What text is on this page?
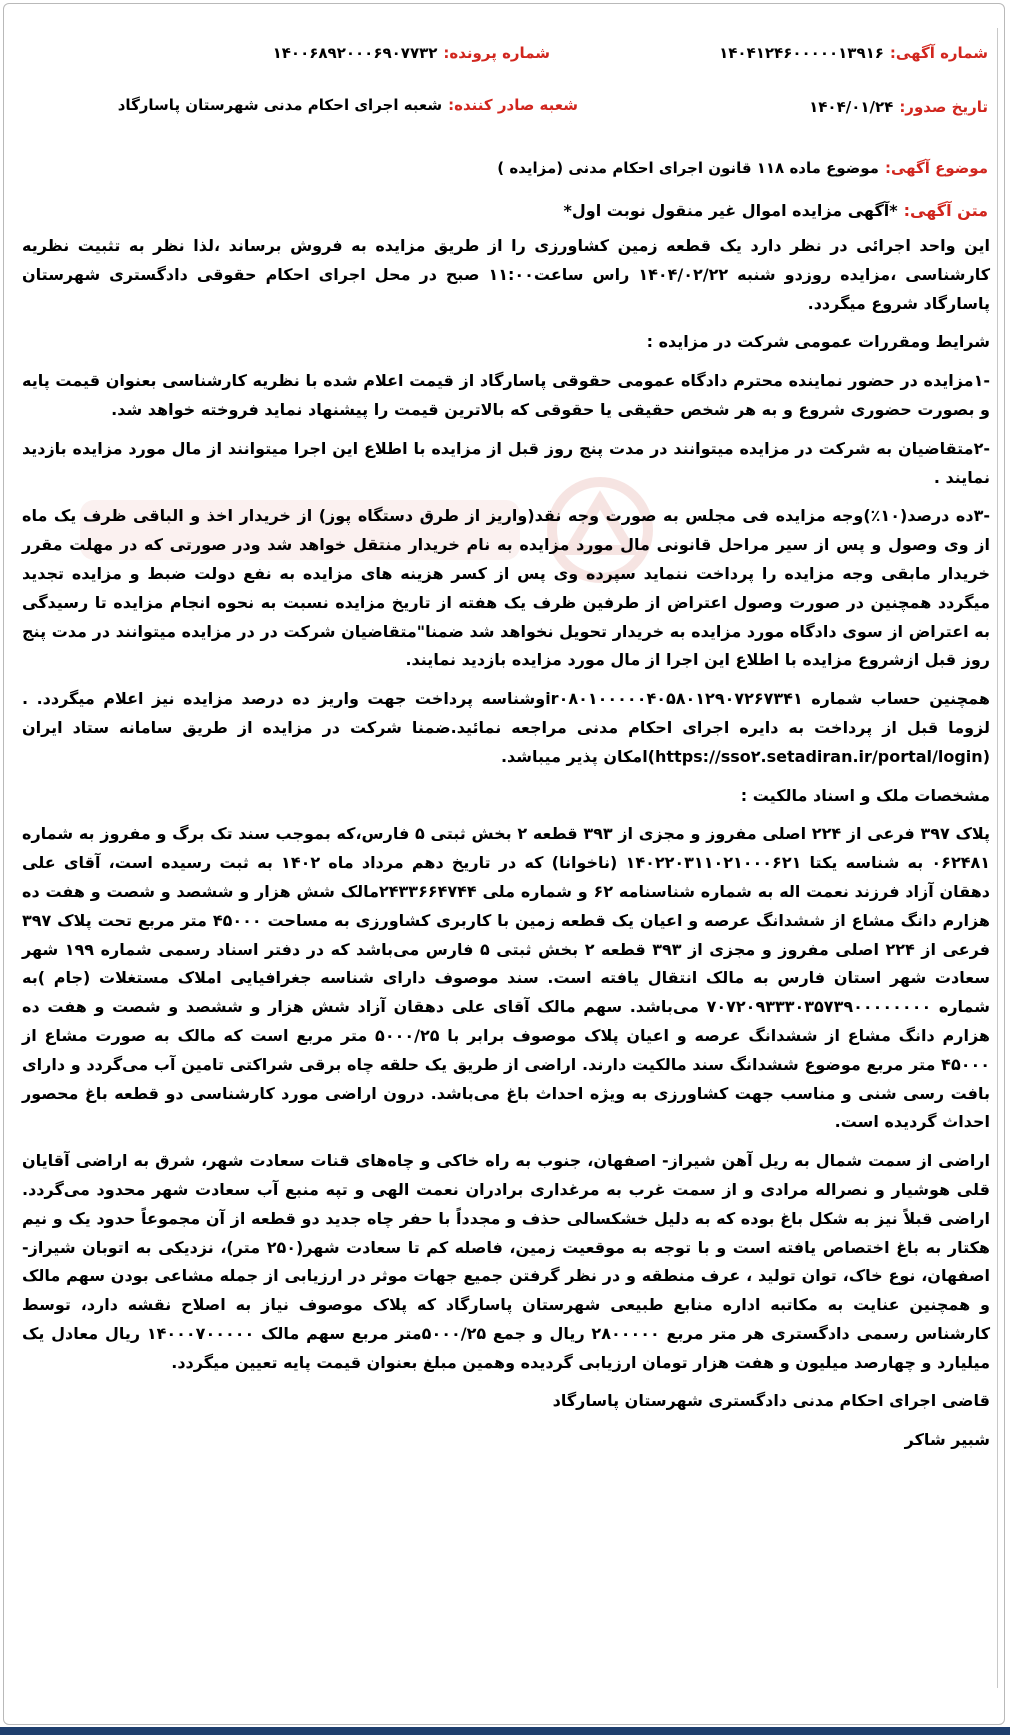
شماره آگهی:۱۴۰۴۱۲۴۶۰۰۰۰۰۱۳۹۱۶
شماره پرونده:۱۴۰۰۶۸۹۲۰۰۰۶۹۰۷۷۳۲
تاریخ صدور:۱۴۰۴/۰۱/۲۴
شعبه صادر کننده:شعبه اجرای احکام مدنی شهرستان پاسارگاد
موضوع آگهی:موضوع ماده ۱۱۸ قانون اجرای احکام مدنی (مزایده )
متن آگهی:*آگهی مزایده اموال غیر منقول نوبت اول*

این واحد اجرائی در نظر دارد یک قطعه زمین کشاورزی را از طریق مزایده به فروش برساند ،لذا نظر به تثبیت نظریه کارشناسی ،مزایده روزدو شنبه ۱۴۰۴/۰۲/۲۲ راس ساعت۱۱:۰۰ صبح در محل اجرای احکام حقوقی دادگستری شهرستان پاسارگاد شروع میگردد.

شرایط ومقررات عمومی شرکت در مزایده :

-۱مزایده در حضور نماینده محترم دادگاه عمومی حقوقی پاسارگاد از قیمت اعلام شده با نظریه کارشناسی بعنوان قیمت پایه و بصورت حضوری شروع و به هر شخص حقیقی یا حقوقی که بالاترین قیمت را پیشنهاد نماید فروخته خواهد شد.

-۲متقاضیان به شرکت در مزایده میتوانند در مدت پنج روز قبل از مزایده با اطلاع این اجرا میتوانند از مال مورد مزایده بازدید نمایند .

-۳ده درصد(۱۰٪)وجه مزایده فی مجلس به صورت وجه نقد(واریز از طرق دستگاه پوز) از خریدار اخذ و الباقی ظرف یک ماه از وی وصول و پس از سیر مراحل قانونی مال مورد مزایده به نام خریدار منتقل خواهد شد ودر صورتی که در مهلت مقرر خریدار مابقی وجه مزایده را پرداخت ننماید سپرده وی پس از کسر هزینه های مزایده به نفع دولت ضبط و مزایده تجدید میگردد همچنین در صورت وصول اعتراض از طرفین ظرف یک هفته از تاریخ مزایده نسبت به نحوه انجام مزایده تا رسیدگی به اعتراض از سوی دادگاه مورد مزایده به خریدار تحویل نخواهد شد ضمنا"متقاضیان شرکت در در مزایده میتوانند در مدت پنج روز قبل ازشروع مزایده با اطلاع این اجرا از مال مورد مزایده بازدید نمایند.

همچنین حساب شماره ir۰۸۰۱۰۰۰۰۰۴۰۵۸۰۱۲۹۰۷۲۶۷۳۴۱وشناسه پرداخت جهت واریز ده درصد مزایده نیز اعلام میگردد. . لزوما قبل از پرداخت به دایره اجرای احکام مدنی مراجعه نمائید.ضمنا شرکت در مزایده از طریق سامانه ستاد ایران (https://sso۲.setadiran.ir/portal/login)امکان پذیر میباشد.

مشخصات ملک و اسناد مالکیت :

پلاک ۳۹۷ فرعی از ۲۲۴ اصلی مفروز و مجزی از ۳۹۳ قطعه ۲ بخش ثبتی ۵ فارس،که بموجب سند تک برگ و مفروز به شماره ۰۶۲۴۸۱ به شناسه یکتا ۱۴۰۲۲۰۳۱۱۰۲۱۰۰۰۶۲۱ (ناخوانا) که در تاریخ دهم مرداد ماه ۱۴۰۲ به ثبت رسیده است، آقای علی دهقان آزاد فرزند نعمت اله به شماره شناسنامه ۶۲ و شماره ملی ۲۴۳۳۶۶۴۷۴۴مالک شش هزار و ششصد و شصت و هفت ده هزارم دانگ مشاع از ششدانگ عرصه و اعیان یک قطعه زمین با کاربری کشاورزی به مساحت ۴۵۰۰۰ متر مربع تحت پلاک ۳۹۷ فرعی از ۲۲۴ اصلی مفروز و مجزی از ۳۹۳ قطعه ۲ بخش ثبتی ۵ فارس می‌باشد که در دفتر اسناد رسمی شماره ۱۹۹ شهر سعادت شهر استان فارس به مالک انتقال یافته است. سند موصوف دارای شناسه جغرافیایی املاک مستغلات (جام )به شماره ۷۰۷۲۰۹۳۳۳۰۳۵۷۳۹۰۰۰۰۰۰۰۰ می‌باشد. سهم مالک آقای علی دهقان آزاد شش هزار و ششصد و شصت و هفت ده هزارم دانگ مشاع از ششدانگ عرصه و اعیان پلاک موصوف برابر با ۵۰۰۰/۲۵ متر مربع است که مالک به صورت مشاع از ۴۵۰۰۰ متر مربع موضوع ششدانگ سند مالکیت دارند. اراضی از طریق یک حلقه چاه برقی شراکتی تامین آب می‌گردد و دارای بافت رسی شنی و مناسب جهت کشاورزی به ویژه احداث باغ می‌باشد. درون اراضی مورد کارشناسی دو قطعه باغ محصور احداث گردیده است.

اراضی از سمت شمال به ریل آهن شیراز- اصفهان، جنوب به راه خاکی و چاه‌های قنات سعادت شهر، شرق به اراضی آقایان قلی هوشیار و نصراله مرادی و از سمت غرب به مرغداری برادران نعمت الهی و تپه منبع آب سعادت شهر محدود می‌گردد. اراضی قبلاً نیز به شکل باغ بوده که به دلیل خشکسالی حذف و مجدداً با حفر چاه جدید دو قطعه از آن مجموعاً حدود یک و نیم هکتار به باغ اختصاص یافته است و با توجه به موقعیت زمین، فاصله کم تا سعادت شهر(۲۵۰ متر)، نزدیکی به اتوبان شیراز- اصفهان، نوع خاک، توان تولید ، عرف منطقه و در نظر گرفتن جمیع جهات موثر در ارزیابی از جمله مشاعی بودن سهم مالک و همچنین عنایت به مکاتبه اداره منابع طبیعی شهرستان پاسارگاد که پلاک موصوف نیاز به اصلاح نقشه دارد، توسط کارشناس رسمی دادگستری هر متر مربع ۲۸۰۰۰۰۰ ریال و جمع ۵۰۰۰/۲۵متر مربع سهم مالک ۱۴۰۰۰۷۰۰۰۰۰ ریال معادل یک میلیارد و چهارصد میلیون و هفت هزار تومان ارزیابی گردیده وهمین مبلغ بعنوان قیمت پایه تعیین میگردد.

قاضی اجرای احکام مدنی دادگستری شهرستان پاسارگاد

شبیر شاکر
